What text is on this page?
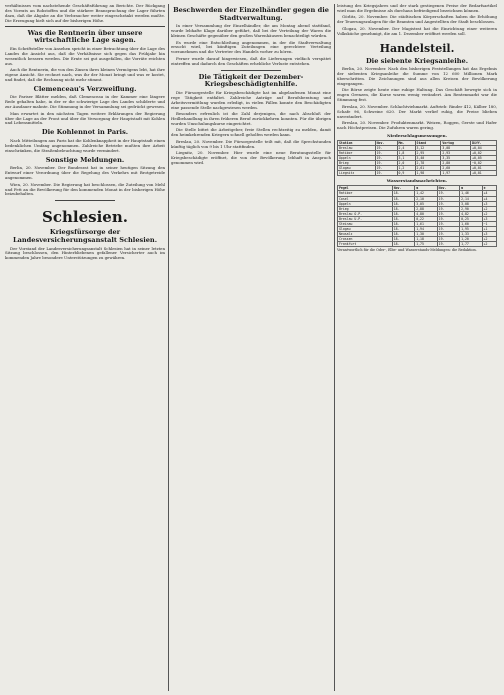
verhältnisses vom nachstehende Geschäftsführung an Berichte. Der Rückgang des Vorrats an Rohstoffen und die stärkere Beanspruchung der Lager führten dazu, daß die Abgabe an die Verbraucher weiter eingeschränkt werden mußte. Die Erzeugung hielt sich auf der bisherigen Höhe.

Was die Rentnerin über unsere wirtschaftliche Lage sagen.

Ein Schriftsteller von Ansehen spricht in einer Betrachtung über die Lage des Landes die Ansicht aus, daß die Verhältnisse sich gegen das Frühjahr hin wesentlich bessern werden. Die Ernte sei gut ausgefallen, die Vorräte reichten aus.

Auch die Rentnerin, die von den Zinsen ihres kleinen Vermögens lebt, hat ihre eigene Ansicht. Sie rechnet nach, was ihr der Monat bringt und was er kostet, und findet, daß die Rechnung nicht mehr stimmt.

Clemenceau's Verzweiflung.

Die Pariser Blätter melden, daß Clemenceau in der Kammer eine längere Rede gehalten habe, in der er die schwierige Lage des Landes schilderte und zur Ausdauer mahnte. Die Stimmung in der Versammlung sei gedrückt gewesen.

Man erwartet in den nächsten Tagen weitere Erklärungen der Regierung über die Lage an der Front und über die Versorgung der Hauptstadt mit Kohlen und Lebensmitteln.

Die Kohlennot in Paris.

Nach Mitteilungen aus Paris hat die Kohlenknappheit in der Hauptstadt einen bedenklichen Umfang angenommen. Zahlreiche Betriebe mußten ihre Arbeit einschränken, die Straßenbeleuchtung wurde vermindert.

Sonstige Meldungen.

Berlin, 20. November. Der Bundesrat hat in seiner heutigen Sitzung den Entwurf einer Verordnung über die Regelung des Verkehrs mit Brotgetreide angenommen.

Wien, 20. November. Die Regierung hat beschlossen, die Zuteilung von Mehl und Fett an die Bevölkerung für den kommenden Monat in der bisherigen Höhe beizubehalten.

Schlesien.
Kriegsfürsorge der Landesversicherungsanstalt Schlesien.

Der Vorstand der Landesversicherungsanstalt Schlesien hat in seiner letzten Sitzung beschlossen, den Hinterbliebenen gefallener Versicherter auch im kommenden Jahre besondere Unterstützungen zu gewähren.

Beschwerden der Einzelhändler gegen die Stadtverwaltung.

In einer Versammlung der Einzelhändler, die am Montag abend stattfand, wurde lebhafte Klage darüber geführt, daß bei der Verteilung der Waren die kleinen Geschäfte gegenüber den großen Warenhäusern benachteiligt würden.

Es wurde eine Entschließung angenommen, in der die Stadtverwaltung ersucht wird, bei künftigen Zuteilungen eine gerechtere Verteilung vorzunehmen und die Vertreter des Handels vorher zu hören.

Ferner wurde darauf hingewiesen, daß die Lieferungen vielfach verspätet eintreffen und dadurch den Geschäften erhebliche Verluste entstehen.

Die Tätigkeit der Dezember-Kriegsbeschädigtenhilfe.

Die Fürsorgestelle für Kriegsbeschädigte hat im abgelaufenen Monat eine rege Tätigkeit entfaltet. Zahlreiche Anträge auf Berufsberatung und Arbeitsvermittlung wurden erledigt, in vielen Fällen konnte den Beschädigten eine passende Stelle nachgewiesen werden.

Besonders erfreulich ist die Zahl derjenigen, die nach Abschluß der Heilbehandlung in ihren früheren Beruf zurückkehren konnten. Für die übrigen wurden Umschulungskurse eingerichtet.

Die Stelle bittet die Arbeitgeber, freie Stellen rechtzeitig zu melden, damit den heimkehrenden Kriegern schnell geholfen werden kann.

Breslau, 20. November. Die Fürsorgestelle teilt mit, daß die Sprechstunden künftig täglich von 9 bis 1 Uhr stattfinden.

Liegnitz, 20. November. Hier wurde eine neue Beratungsstelle für Kriegsbeschädigte eröffnet, die von der Bevölkerung lebhaft in Anspruch genommen wird.

leistung des Kriegsjahres und der stark gestiegenen Preise der Bedarfsartikel wird man die Ergebnisse als durchaus befriedigend bezeichnen können.

Görlitz, 20. November. Die städtischen Körperschaften haben die Erhöhung der Teuerungszulagen für die Beamten und Angestellten der Stadt beschlossen.

Glogau, 20. November. Der Magistrat hat die Einrichtung einer weiteren Volksküche genehmigt, die am 1. Dezember eröffnet werden soll.

Handelsteil.
Die siebente Kriegsanleihe.

Berlin, 20. November. Nach den bisherigen Feststellungen hat das Ergebnis der siebenten Kriegsanleihe die Summe von 12 600 Millionen Mark überschritten. Die Zeichnungen sind aus allen Kreisen der Bevölkerung eingegangen.

Die Börse zeigte heute eine ruhige Haltung. Das Geschäft bewegte sich in engen Grenzen, die Kurse waren wenig verändert. Am Rentenmarkt war die Stimmung fest.

Breslau, 20. November. Schlachtviehmarkt. Auftrieb: Rinder 412, Kälber 180, Schafe 96, Schweine 620. Der Markt verlief ruhig, die Preise blieben unverändert.

Breslau, 20. November. Produktenmarkt. Weizen, Roggen, Gerste und Hafer nach Höchstpreisen. Die Zufuhren waren gering.

Niederschlagsmessungen.
Station	Nov.	Mm.	Stand	Vortag	Diff.
Breslau	19.	2,4	3,12	3,08	+0,04
Ratibor	19.	1,8	2,95	2,93	+0,02
Oppeln	19.	3,1	3,40	3,35	+0,05
Brieg	19.	2,0	2,78	2,80	−0,02
Glogau	19.	1,2	2,61	2,60	+0,01
Liegnitz	19.	0,9	1,98	1,97	+0,01
Wasserstandsnachrichten.
Pegel	Nov.	m	Nov.	m	±
Ratibor	18.	1,42	19.	1,46	+4
Cosel	18.	2,10	19.	2,14	+4
Oppeln	18.	3,05	19.	3,08	+3
Brieg	18.	2,88	19.	2,90	+2
Breslau O.P.	18.	4,80	19.	4,82	+2
Breslau U.P.	18.	0,22	19.	0,25	+3
Steinau	18.	1,61	19.	1,60	−1
Glogau	18.	1,94	19.	1,95	+1
Neusalz	18.	1,30	19.	1,33	+3
Crossen	18.	1,18	19.	1,20	+2
Frankfurt	18.	1,75	19.	1,77	+2
Verantwortlich für die Oder-, Elbe- und Wasserstands-Meldungen: die Redaktion.
